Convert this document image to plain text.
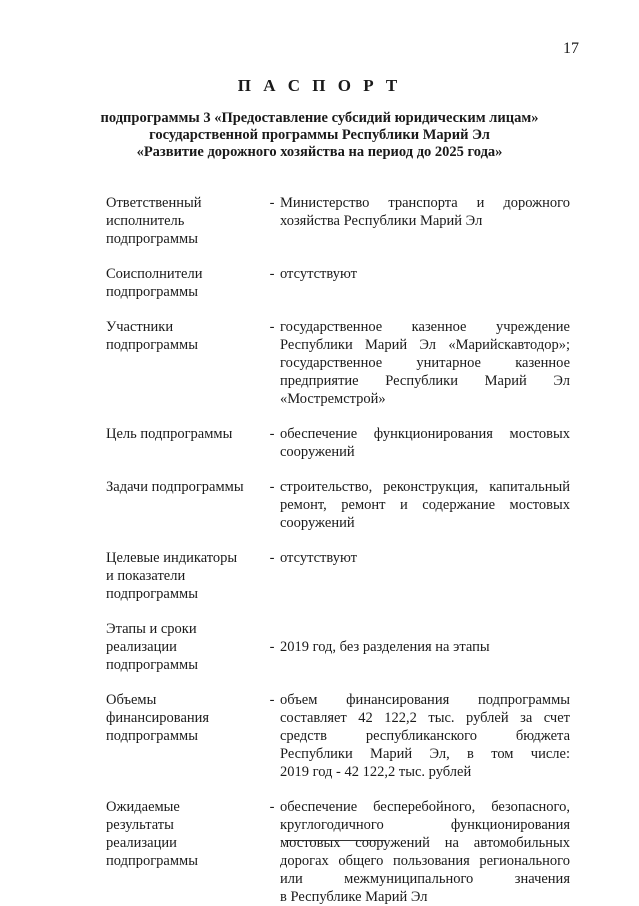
17
П А С П О Р Т
подпрограммы 3 «Предоставление субсидий юридическим лицам»
государственной программы Республики Марий Эл
«Развитие дорожного хозяйства на период до 2025 года»
Ответственный
исполнитель
подпрограммы
- Министерство транспорта и дорожного
хозяйства Республики Марий Эл
Соисполнители
подпрограммы
- отсутствуют
Участники
подпрограммы
- государственное казенное учреждение
Республики Марий Эл «Марийскавтодор»;
государственное унитарное казенное
предприятие Республики Марий Эл
«Мостремстрой»
Цель подпрограммы	- обеспечение функционирования мостовых
сооружений
Задачи подпрограммы	- строительство, реконструкция, капитальный
ремонт, ремонт и содержание мостовых
сооружений
Целевые индикаторы
и показатели
подпрограммы
- отсутствуют
Этапы и сроки
реализации
подпрограммы
- 2019 год, без разделения на этапы
Объемы
финансирования
подпрограммы
- объем финансирования подпрограммы
составляет 42 122,2 тыс. рублей за счет
средств республиканского бюджета
Республики Марий Эл, в том числе:
2019 год - 42 122,2 тыс. рублей
Ожидаемые
результаты
реализации
подпрограммы
- обеспечение бесперебойного, безопасного,
круглогодичного функционирования
мостовых сооружений на автомобильных
дорогах общего пользования регионального
или межмуниципального значения
в Республике Марий Эл
